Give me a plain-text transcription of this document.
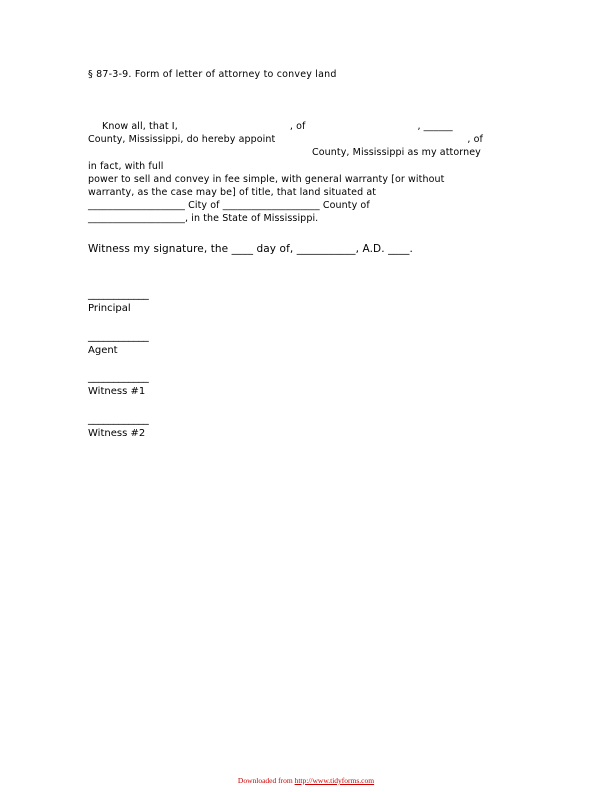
§ 87-3-9. Form of letter of attorney to convey land

Know all, that I,	, of	, ______

County, Mississippi, do hereby appoint	, of

County, Mississippi as my attorney in fact, with full

power to sell and convey in fee simple, with general warranty [or without

warranty, as the case may be] of title, that land situated at

____________________ City of ____________________ County of

____________________, in the State of Mississippi.

Witness my signature, the ____ day of, ___________, A.D. ____.
____________
Principal
____________
Agent
____________
Witness #1
____________
Witness #2
Downloaded from http://www.tidyforms.com
